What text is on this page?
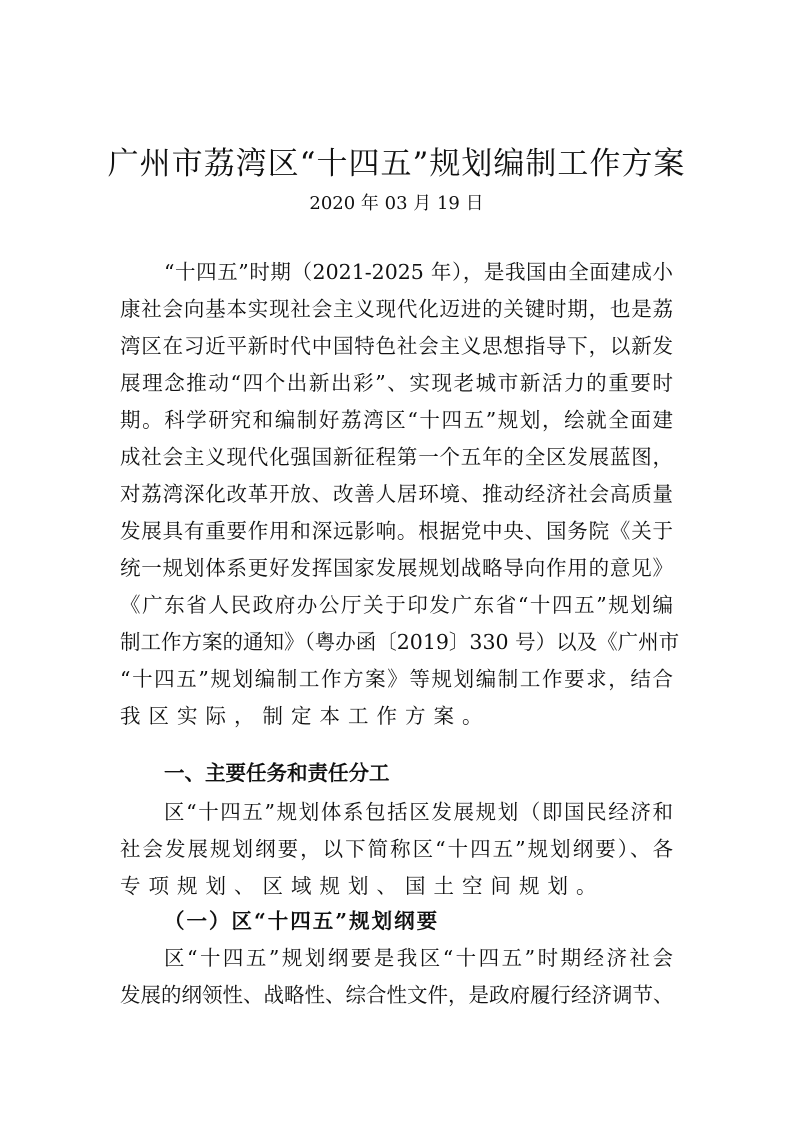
广州市荔湾区“十四五”规划编制工作方案
2020 年 03 月 19 日
“十四五”时期（2021-2025 年），是我国由全面建成小
康社会向基本实现社会主义现代化迈进的关键时期，也是荔
湾区在习近平新时代中国特色社会主义思想指导下，以新发
展理念推动“四个出新出彩”、实现老城市新活力的重要时
期。科学研究和编制好荔湾区“十四五”规划，绘就全面建
成社会主义现代化强国新征程第一个五年的全区发展蓝图，
对荔湾深化改革开放、改善人居环境、推动经济社会高质量
发展具有重要作用和深远影响。根据党中央、国务院《关于
统一规划体系更好发挥国家发展规划战略导向作用的意见》
《广东省人民政府办公厅关于印发广东省“十四五”规划编
制工作方案的通知》（粤办函〔2019〕330 号）以及《广州市
“十四五”规划编制工作方案》等规划编制工作要求，结合
我区实际，制定本工作方案。
一、主要任务和责任分工
区“十四五”规划体系包括区发展规划（即国民经济和
社会发展规划纲要，以下简称区“十四五”规划纲要）、各
专项规划、区域规划、国土空间规划。
（一）区“十四五”规划纲要
区“十四五”规划纲要是我区“十四五”时期经济社会
发展的纲领性、战略性、综合性文件，是政府履行经济调节、
